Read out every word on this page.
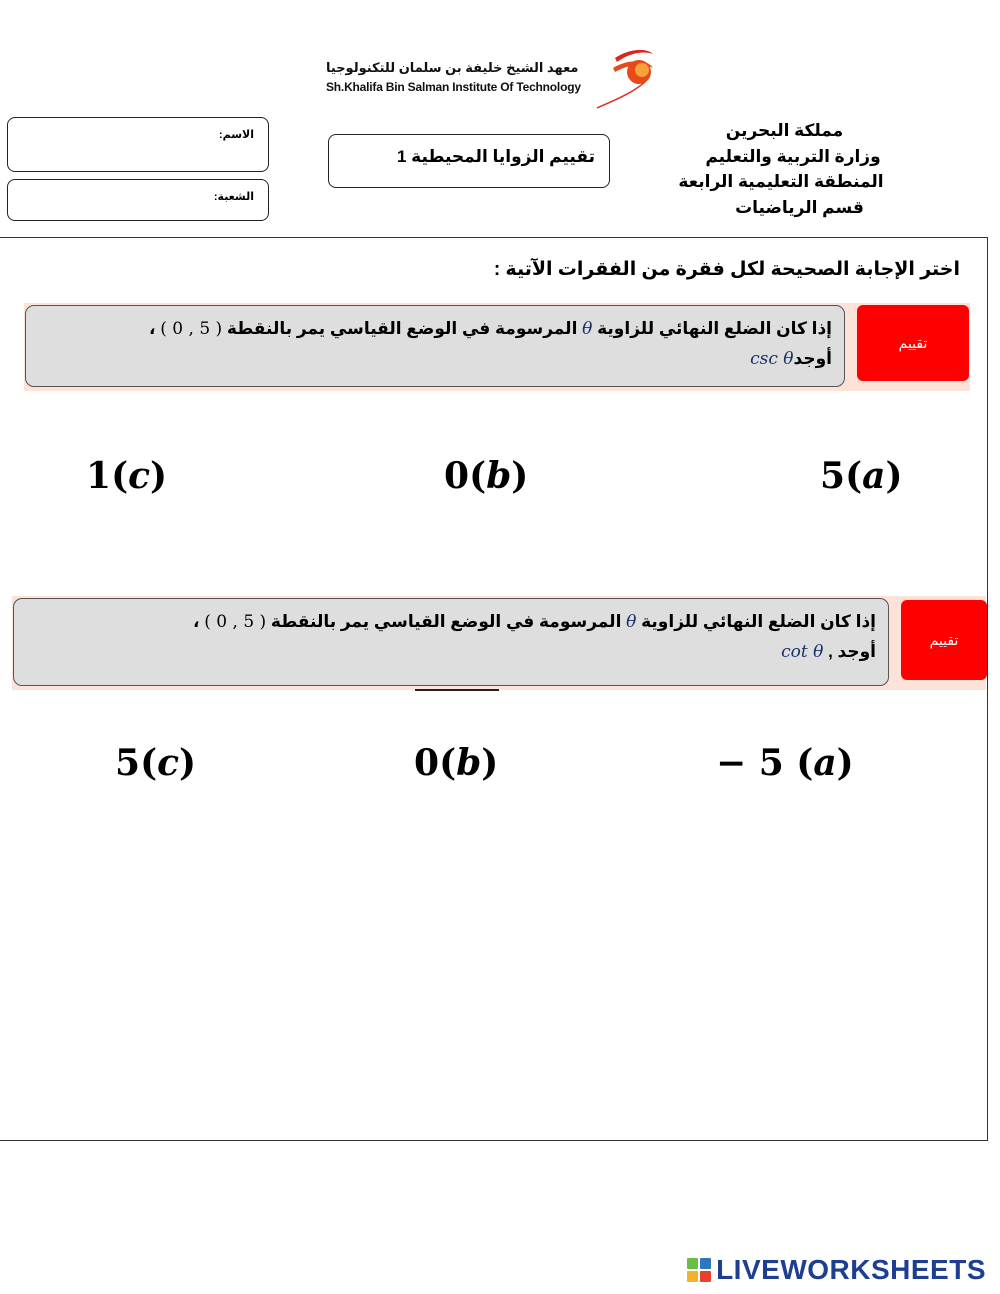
معهد الشيخ خليفة بن سلمان للتكنولوجيا
Sh.Khalifa Bin Salman Institute Of Technology
الاسم:
الشعبة:
تقييم الزوايا المحيطية 1
مملكة البحرين
وزارة التربية والتعليم
المنطقة التعليمية الرابعة
قسم الرياضيات
اختر الإجابة الصحيحة لكل فقرة من الفقرات الآتية :
تقييم
إذا كان الضلع النهائي للزاوية θ المرسومة في الوضع القياسي يمر بالنقطة ( 0 , 5 ) ،
أوجدcsc θ
5(a)
0(b)
1(c)
تقييم
إذا كان الضلع النهائي للزاوية θ المرسومة في الوضع القياسي يمر بالنقطة ( 0 , 5 ) ،
أوجد , cot θ
− 5 (a)
0(b)
5(c)
LIVEWORKSHEETS
